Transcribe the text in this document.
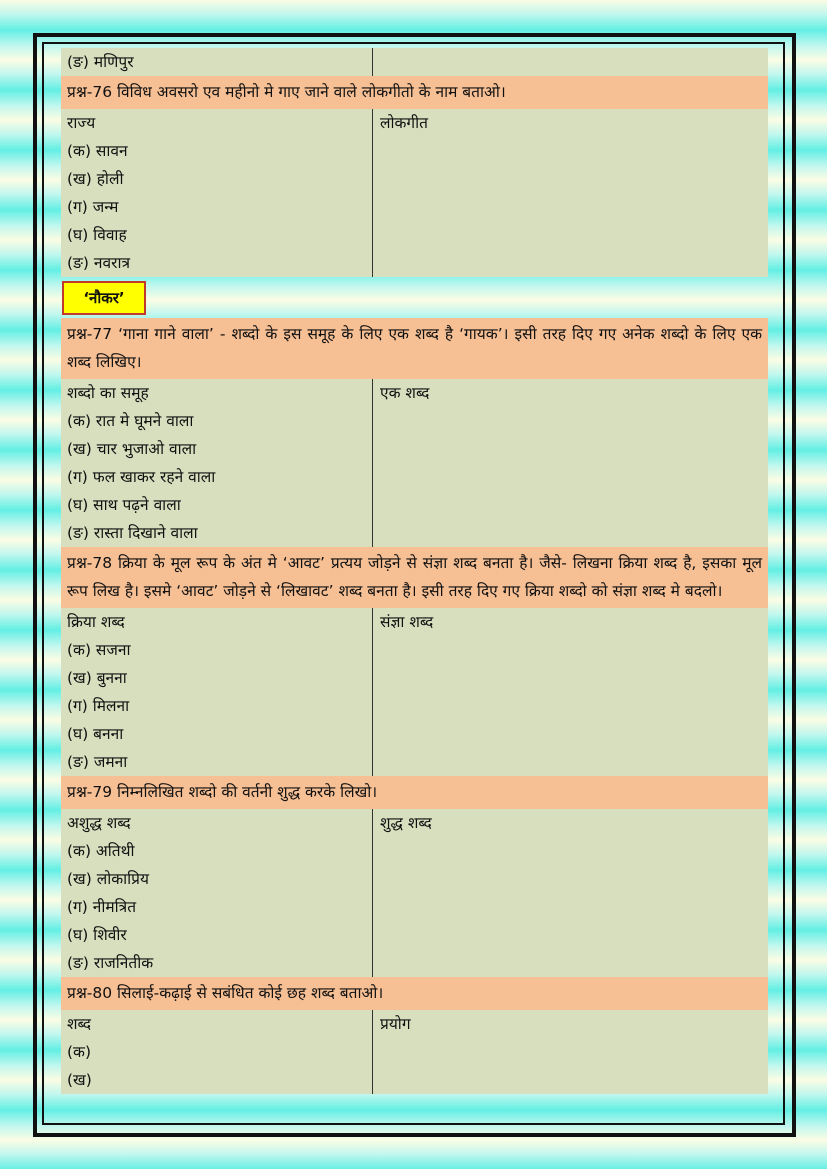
(ङ) मणिपुर
प्रश्न-76 विविध अवसरो एव महीनो मे गाए जाने वाले लोकगीतो के नाम बताओ।
राज्य	लोकगीत
(क) सावन
(ख) होली
(ग) जन्म
(घ) विवाह
(ङ) नवरात्र
‘नौकर’
प्रश्न-77 ‘गाना गाने वाला’ - शब्दो के इस समूह के लिए एक शब्द है ‘गायक’। इसी तरह दिए गए अनेक शब्दो के लिए एक शब्द लिखिए।
शब्दो का समूह	एक शब्द
(क) रात मे घूमने वाला
(ख) चार भुजाओ वाला
(ग) फल खाकर रहने वाला
(घ) साथ पढ़ने वाला
(ङ) रास्ता दिखाने वाला
प्रश्न-78 क्रिया के मूल रूप के अंत मे ‘आवट’ प्रत्यय जोड़ने से संज्ञा शब्द बनता है। जैसे- लिखना क्रिया शब्द है, इसका मूल रूप लिख है। इसमे ‘आवट’ जोड़ने से ‘लिखावट’ शब्द बनता है। इसी तरह दिए गए क्रिया शब्दो को संज्ञा शब्द मे बदलो।
क्रिया शब्द	संज्ञा शब्द
(क) सजना
(ख) बुनना
(ग) मिलना
(घ) बनना
(ङ) जमना
प्रश्न-79 निम्नलिखित शब्दो की वर्तनी शुद्ध करके लिखो।
अशुद्ध शब्द	शुद्ध शब्द
(क) अतिथी
(ख) लोकाप्रिय
(ग) नीमत्रित
(घ) शिवीर
(ङ) राजनितीक
प्रश्न-80 सिलाई-कढ़ाई से सबंधित कोई छह शब्द बताओ।
शब्द	प्रयोग
(क)
(ख)
